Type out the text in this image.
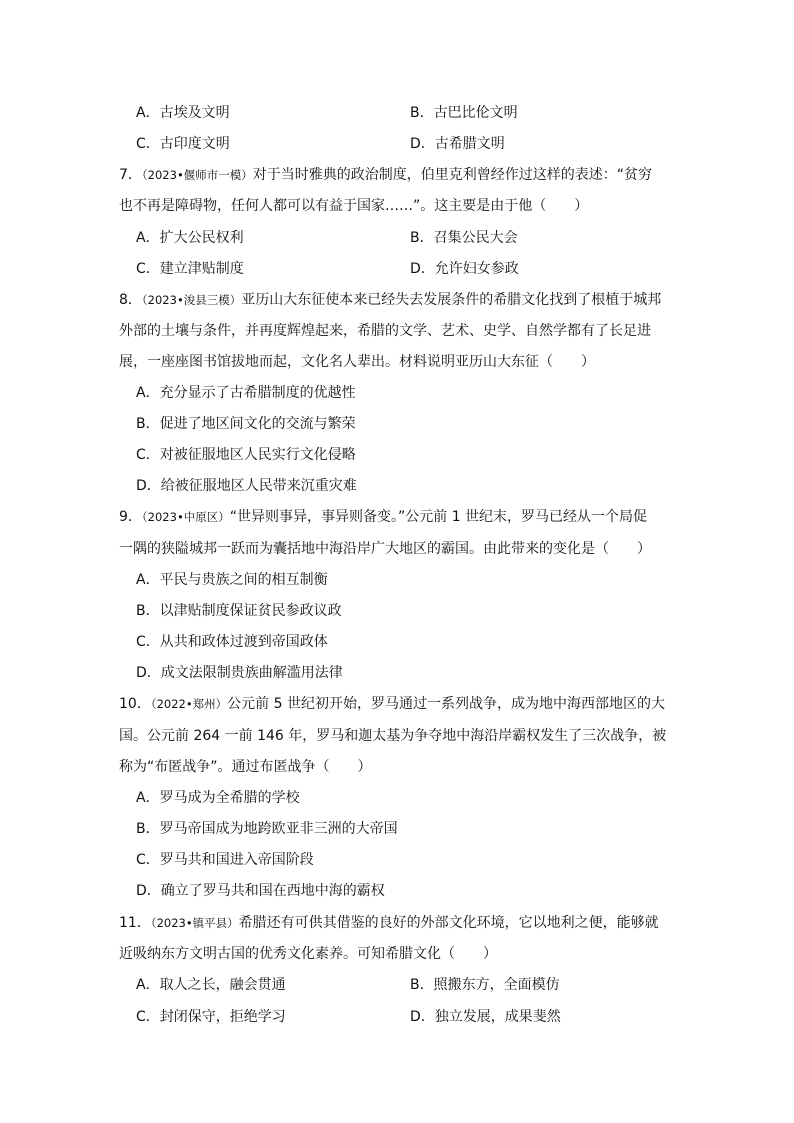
A．古埃及文明	B．古巴比伦文明
C．古印度文明	D．古希腊文明
7．（2023•偃师市一模）对于当时雅典的政治制度，伯里克利曾经作过这样的表述：“贫穷
也不再是障碍物，任何人都可以有益于国家……”。这主要是由于他（　　）
A．扩大公民权利	B．召集公民大会
C．建立津贴制度	D．允许妇女参政
8．（2023•浚县三模）亚历山大东征使本来已经失去发展条件的希腊文化找到了根植于城邦
外部的土壤与条件，并再度辉煌起来，希腊的文学、艺术、史学、自然学都有了长足进
展，一座座图书馆拔地而起，文化名人辈出。材料说明亚历山大东征（　　）
A．充分显示了古希腊制度的优越性
B．促进了地区间文化的交流与繁荣
C．对被征服地区人民实行文化侵略
D．给被征服地区人民带来沉重灾难
9．（2023•中原区）“世异则事异，事异则备变。”公元前 1 世纪末，罗马已经从一个局促
一隅的狭隘城邦一跃而为囊括地中海沿岸广大地区的霸国。由此带来的变化是（　　）
A．平民与贵族之间的相互制衡
B．以津贴制度保证贫民参政议政
C．从共和政体过渡到帝国政体
D．成文法限制贵族曲解滥用法律
10．（2022•郑州）公元前 5 世纪初开始，罗马通过一系列战争，成为地中海西部地区的大
国。公元前 264 一前 146 年，罗马和迦太基为争夺地中海沿岸霸权发生了三次战争，被
称为“布匿战争”。通过布匿战争（　　）
A．罗马成为全希腊的学校
B．罗马帝国成为地跨欧亚非三洲的大帝国
C．罗马共和国进入帝国阶段
D．确立了罗马共和国在西地中海的霸权
11．（2023•镇平县）希腊还有可供其借鉴的良好的外部文化环境，它以地利之便，能够就
近吸纳东方文明古国的优秀文化素养。可知希腊文化（　　）
A．取人之长，融会贯通	B．照搬东方，全面模仿
C．封闭保守，拒绝学习	D．独立发展，成果斐然
